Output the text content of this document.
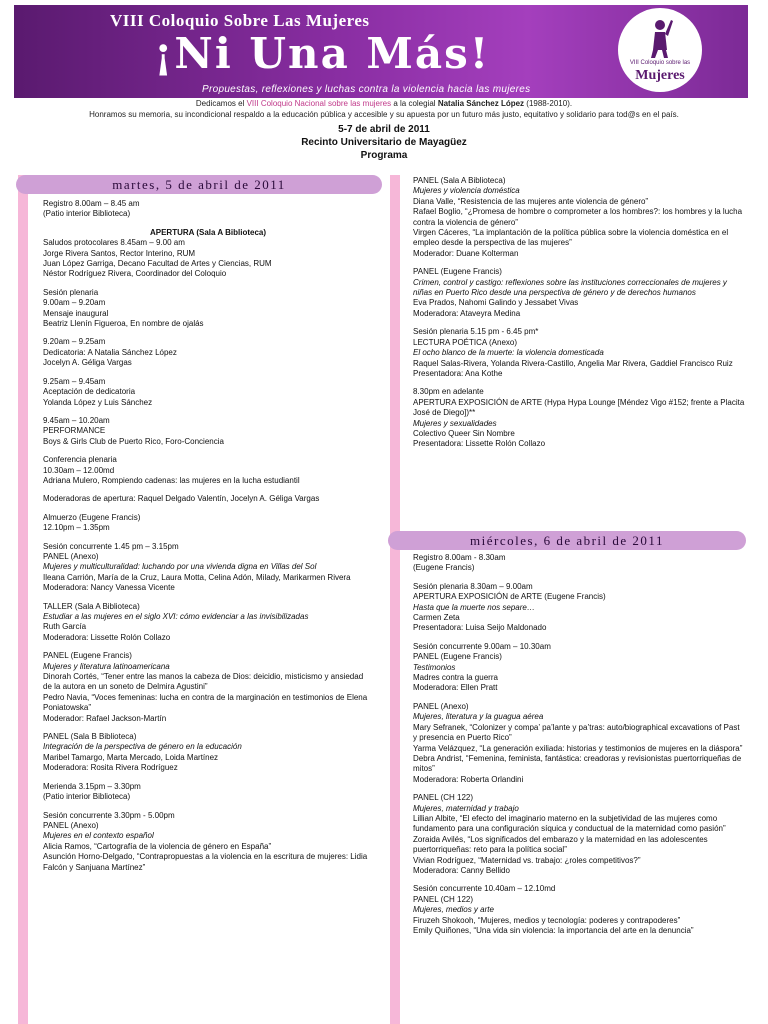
VIII Coloquio Sobre Las Mujeres
¡Ni Una Más!
Propuestas, reflexiones y luchas contra la violencia hacia las mujeres
VIII Coloquio sobre las
Mujeres
Dedicamos el VIII Coloquio Nacional sobre las mujeres a la colegial Natalia Sánchez López (1988-2010).
Honramos su memoria, su incondicional respaldo a la educación pública y accesible y su apuesta por un futuro más justo, equitativo y solidario para tod@s en el país.
5-7 de abril de 2011
Recinto Universitario de Mayagüez
Programa
martes, 5 de abril de 2011
miércoles, 6 de abril de 2011

Registro 8.00am – 8.45 am
(Patio interior Biblioteca)

APERTURA (Sala A Biblioteca)
Saludos protocolares 8.45am – 9.00 am
Jorge Rivera Santos, Rector Interino, RUM
Juan López Garriga, Decano Facultad de Artes y Ciencias, RUM
Néstor Rodríguez Rivera, Coordinador del Coloquio

Sesión plenaria
9.00am – 9.20am
Mensaje inaugural
Beatriz Llenín Figueroa, En nombre de ojalás

9.20am – 9.25am
Dedicatoria: A Natalia Sánchez López
Jocelyn A. Géliga Vargas

9.25am – 9.45am
Aceptación de dedicatoria
Yolanda López y Luis Sánchez

9.45am – 10.20am
PERFORMANCE
Boys & Girls Club de Puerto Rico, Foro-Conciencia

Conferencia plenaria
10.30am – 12.00md
Adriana Mulero, Rompiendo cadenas: las mujeres en la lucha estudiantil

Moderadoras de apertura: Raquel Delgado Valentín, Jocelyn A. Géliga Vargas

Almuerzo (Eugene Francis)
12.10pm – 1.35pm

Sesión concurrente 1.45 pm – 3.15pm
PANEL (Anexo)
Mujeres y multiculturalidad: luchando por una vivienda digna en Villas del Sol
Ileana Carrión, María de la Cruz, Laura Motta, Celina Adón, Milady, Marikarmen Rivera
Moderadora: Nancy Vanessa Vicente

TALLER (Sala A Biblioteca)
Estudiar a las mujeres en el siglo XVI: cómo evidenciar a las invisibilizadas
Ruth García
Moderadora: Lissette Rolón Collazo

PANEL (Eugene Francis)
Mujeres y literatura latinoamericana
Dinorah Cortés, “Tener entre las manos la cabeza de Dios: deicidio, misticismo y ansiedad de la autora en un soneto de Delmira Agustini”
Pedro Navia, “Voces femeninas: lucha en contra de la marginación en testimonios de Elena Poniatowska”
Moderador: Rafael Jackson-Martín

PANEL (Sala B Biblioteca)
Integración de la perspectiva de género en la educación
Maribel Tamargo, Marta Mercado, Loida Martínez
Moderadora: Rosita Rivera Rodríguez

Merienda 3.15pm – 3.30pm
(Patio interior Biblioteca)

Sesión concurrente 3.30pm - 5.00pm
PANEL (Anexo)
Mujeres en el contexto español
Alicia Ramos, “Cartografía de la violencia de género en España”
Asunción Horno-Delgado, “Contrapropuestas a la violencia en la escritura de mujeres: Lidia Falcón y Sanjuana Martínez”

PANEL (Sala A Biblioteca)
Mujeres y violencia doméstica
Diana Valle, “Resistencia de las mujeres ante violencia de género”
Rafael Boglio, “¿Promesa de hombre o comprometer a los hombres?: los hombres y la lucha contra la violencia de género”
Virgen Cáceres, “La implantación de la política pública sobre la violencia doméstica en el empleo desde la perspectiva de las mujeres”
Moderador: Duane Kolterman

PANEL (Eugene Francis)
Crimen, control y castigo: reflexiones sobre las instituciones correccionales de mujeres y niñas en Puerto Rico desde una perspectiva de género y de derechos humanos
Eva Prados, Nahomi Galindo y Jessabet Vivas
Moderadora: Ataveyra Medina

Sesión plenaria 5.15 pm - 6.45 pm*
LECTURA POÉTICA (Anexo)
El ocho blanco de la muerte: la violencia domesticada
Raquel Salas-Rivera, Yolanda Rivera-Castillo, Angelia Mar Rivera, Gaddiel Francisco Ruiz
Presentadora: Ana Kothe

8.30pm en adelante
APERTURA EXPOSICIÓN de ARTE (Hypa Hypa Lounge [Méndez Vigo #152; frente a Placita José de Diego])**
Mujeres y sexualidades
Colectivo Queer Sin Nombre
Presentadora: Lissette Rolón Collazo

Registro 8.00am - 8.30am
(Eugene Francis)

Sesión plenaria 8.30am – 9.00am
APERTURA EXPOSICIÓN de ARTE (Eugene Francis)
Hasta que la muerte nos separe…
Carmen Zeta
Presentadora: Luisa Seijo Maldonado

Sesión concurrente 9.00am – 10.30am
PANEL (Eugene Francis)
Testimonios
Madres contra la guerra
Moderadora: Ellen Pratt

PANEL (Anexo)
Mujeres, literatura y la guagua aérea
Mary Sefranek, “Colonizer y compa’ pa’lante y pa’tras: auto/biographical excavations of Past y presencia en Puerto Rico”
Yarma Velázquez, “La generación exiliada: historias y testimonios de mujeres en la diáspora”
Debra Andrist, “Femenina, feminista, fantástica: creadoras y revisionistas puertorriqueñas de mitos”
Moderadora: Roberta Orlandini

PANEL (CH 122)
Mujeres, maternidad y trabajo
Lillian Albite, “El efecto del imaginario materno en la subjetividad de las mujeres como fundamento para una configuración síquica y conductual de la maternidad como pasión”
Zoraida Avilés, “Los significados del embarazo y la maternidad en las adolescentes puertorriqueñas: reto para la política social”
Vivian Rodríguez, “Maternidad vs. trabajo: ¿roles competitivos?”
Moderadora: Canny Bellido

Sesión concurrente 10.40am – 12.10md
PANEL (CH 122)
Mujeres, medios y arte
Firuzeh Shokooh, “Mujeres, medios y tecnología: poderes y contrapoderes”
Emily Quiñones, “Una vida sin violencia: la importancia del arte en la denuncia”
